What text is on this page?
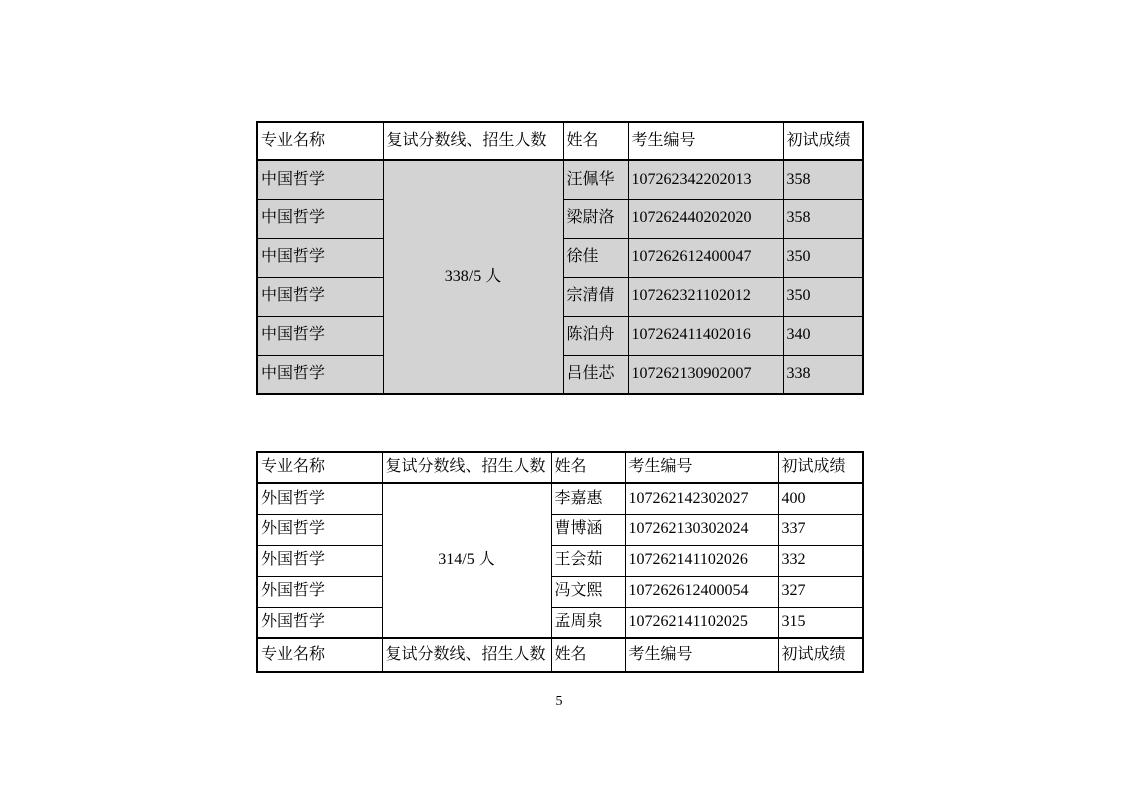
专业名称	复试分数线、招生人数	姓名	考生编号	初试成绩
中国哲学	338/5 人	汪佩华	107262342202013	358
中国哲学		梁尉洛	107262440202020	358
中国哲学		徐佳	107262612400047	350
中国哲学		宗清倩	107262321102012	350
中国哲学		陈泊舟	107262411402016	340
中国哲学		吕佳芯	107262130902007	338
专业名称	复试分数线、招生人数	姓名	考生编号	初试成绩
外国哲学	314/5 人	李嘉惠	107262142302027	400
外国哲学		曹博涵	107262130302024	337
外国哲学		王会茹	107262141102026	332
外国哲学		冯文熙	107262612400054	327
外国哲学		孟周泉	107262141102025	315
专业名称	复试分数线、招生人数	姓名	考生编号	初试成绩
5
